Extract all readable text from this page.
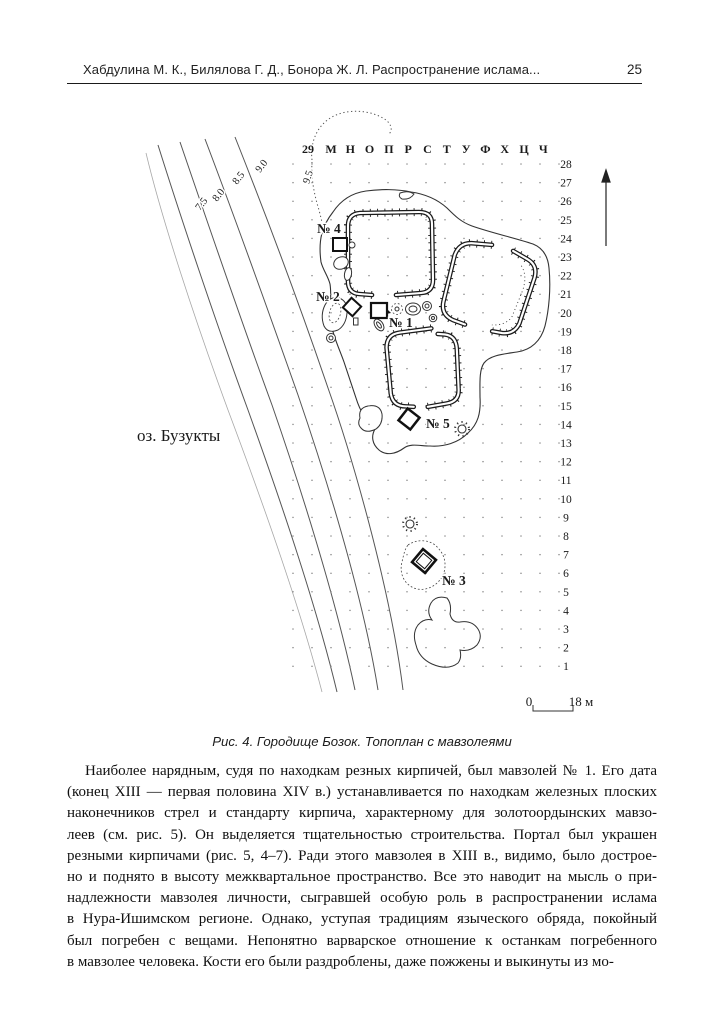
Хабдулина М. К., Билялова Г. Д., Бонора Ж. Л. Распространение ислама...	25
29
оз. Бузукты
0	18 м
М Н О П Р С Т У Ф Х Ц Ч
28
27
26
25
24
23
22
21
20
19
18
17
16
15
14
13
12
11
10
9
8
7
6
5
4
3
2
1
7.5
8.0
8.5
9.0
9.5
№ 4
№ 2
№ 1
№ 5
№ 3
Рис. 4. Городище Бозок. Топоплан с мавзолеями
Наиболее нарядным, судя по находкам резных кирпичей, был мавзолей № 1. Его дата
(конец XIII — первая половина XIV в.) устанавливается по находкам железных плоских
наконечников стрел и стандарту кирпича, характерному для золотоордынских мавзо-
леев (см. рис. 5). Он выделяется тщательностью строительства. Портал был украшен
резными кирпичами (рис. 5, 4–7). Ради этого мавзолея в XIII в., видимо, было дострое-
но и поднято в высоту межквартальное пространство. Все это наводит на мысль о при-
надлежности мавзолея личности, сыгравшей особую роль в распространении ислама
в Нура-Ишимском регионе. Однако, уступая традициям языческого обряда, покойный
был погребен с вещами. Непонятно варварское отношение к останкам погребенного
в мавзолее человека. Кости его были раздроблены, даже пожжены и выкинуты из мо-
